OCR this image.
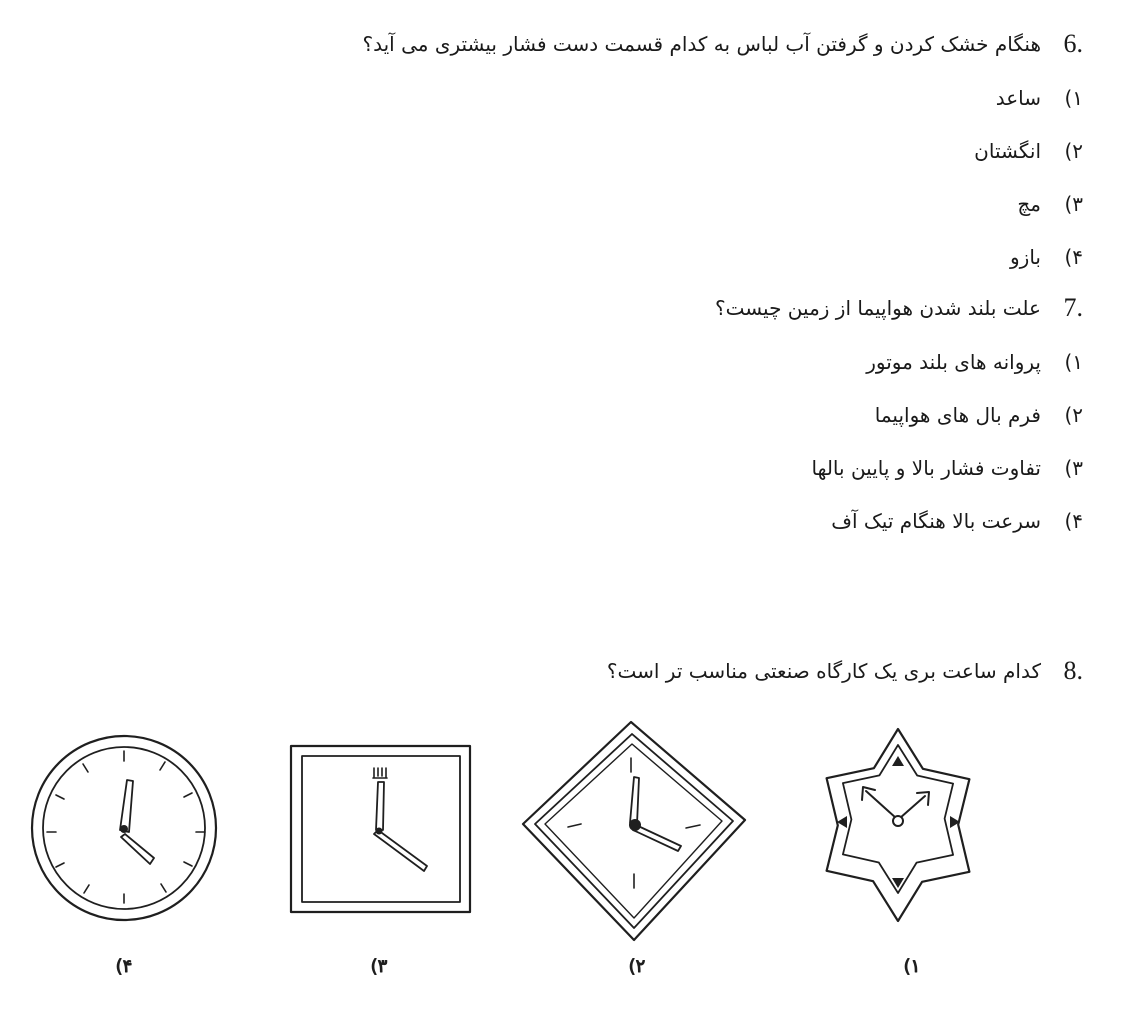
6.
هنگام خشک کردن و گرفتن آب لباس به کدام قسمت دست فشار بیشتری می آید؟
۱)
ساعد
۲)
انگشتان
۳)
مچ
۴)
بازو
7.
علت بلند شدن هواپیما از زمین چیست؟
۱)
پروانه های بلند موتور
۲)
فرم بال های هواپیما
۳)
تفاوت فشار بالا و پایین بالها
۴)
سرعت بالا هنگام تیک آف
8.
کدام ساعت بری یک کارگاه صنعتی مناسب تر است؟
(۴	(۳	(۲	(۱
